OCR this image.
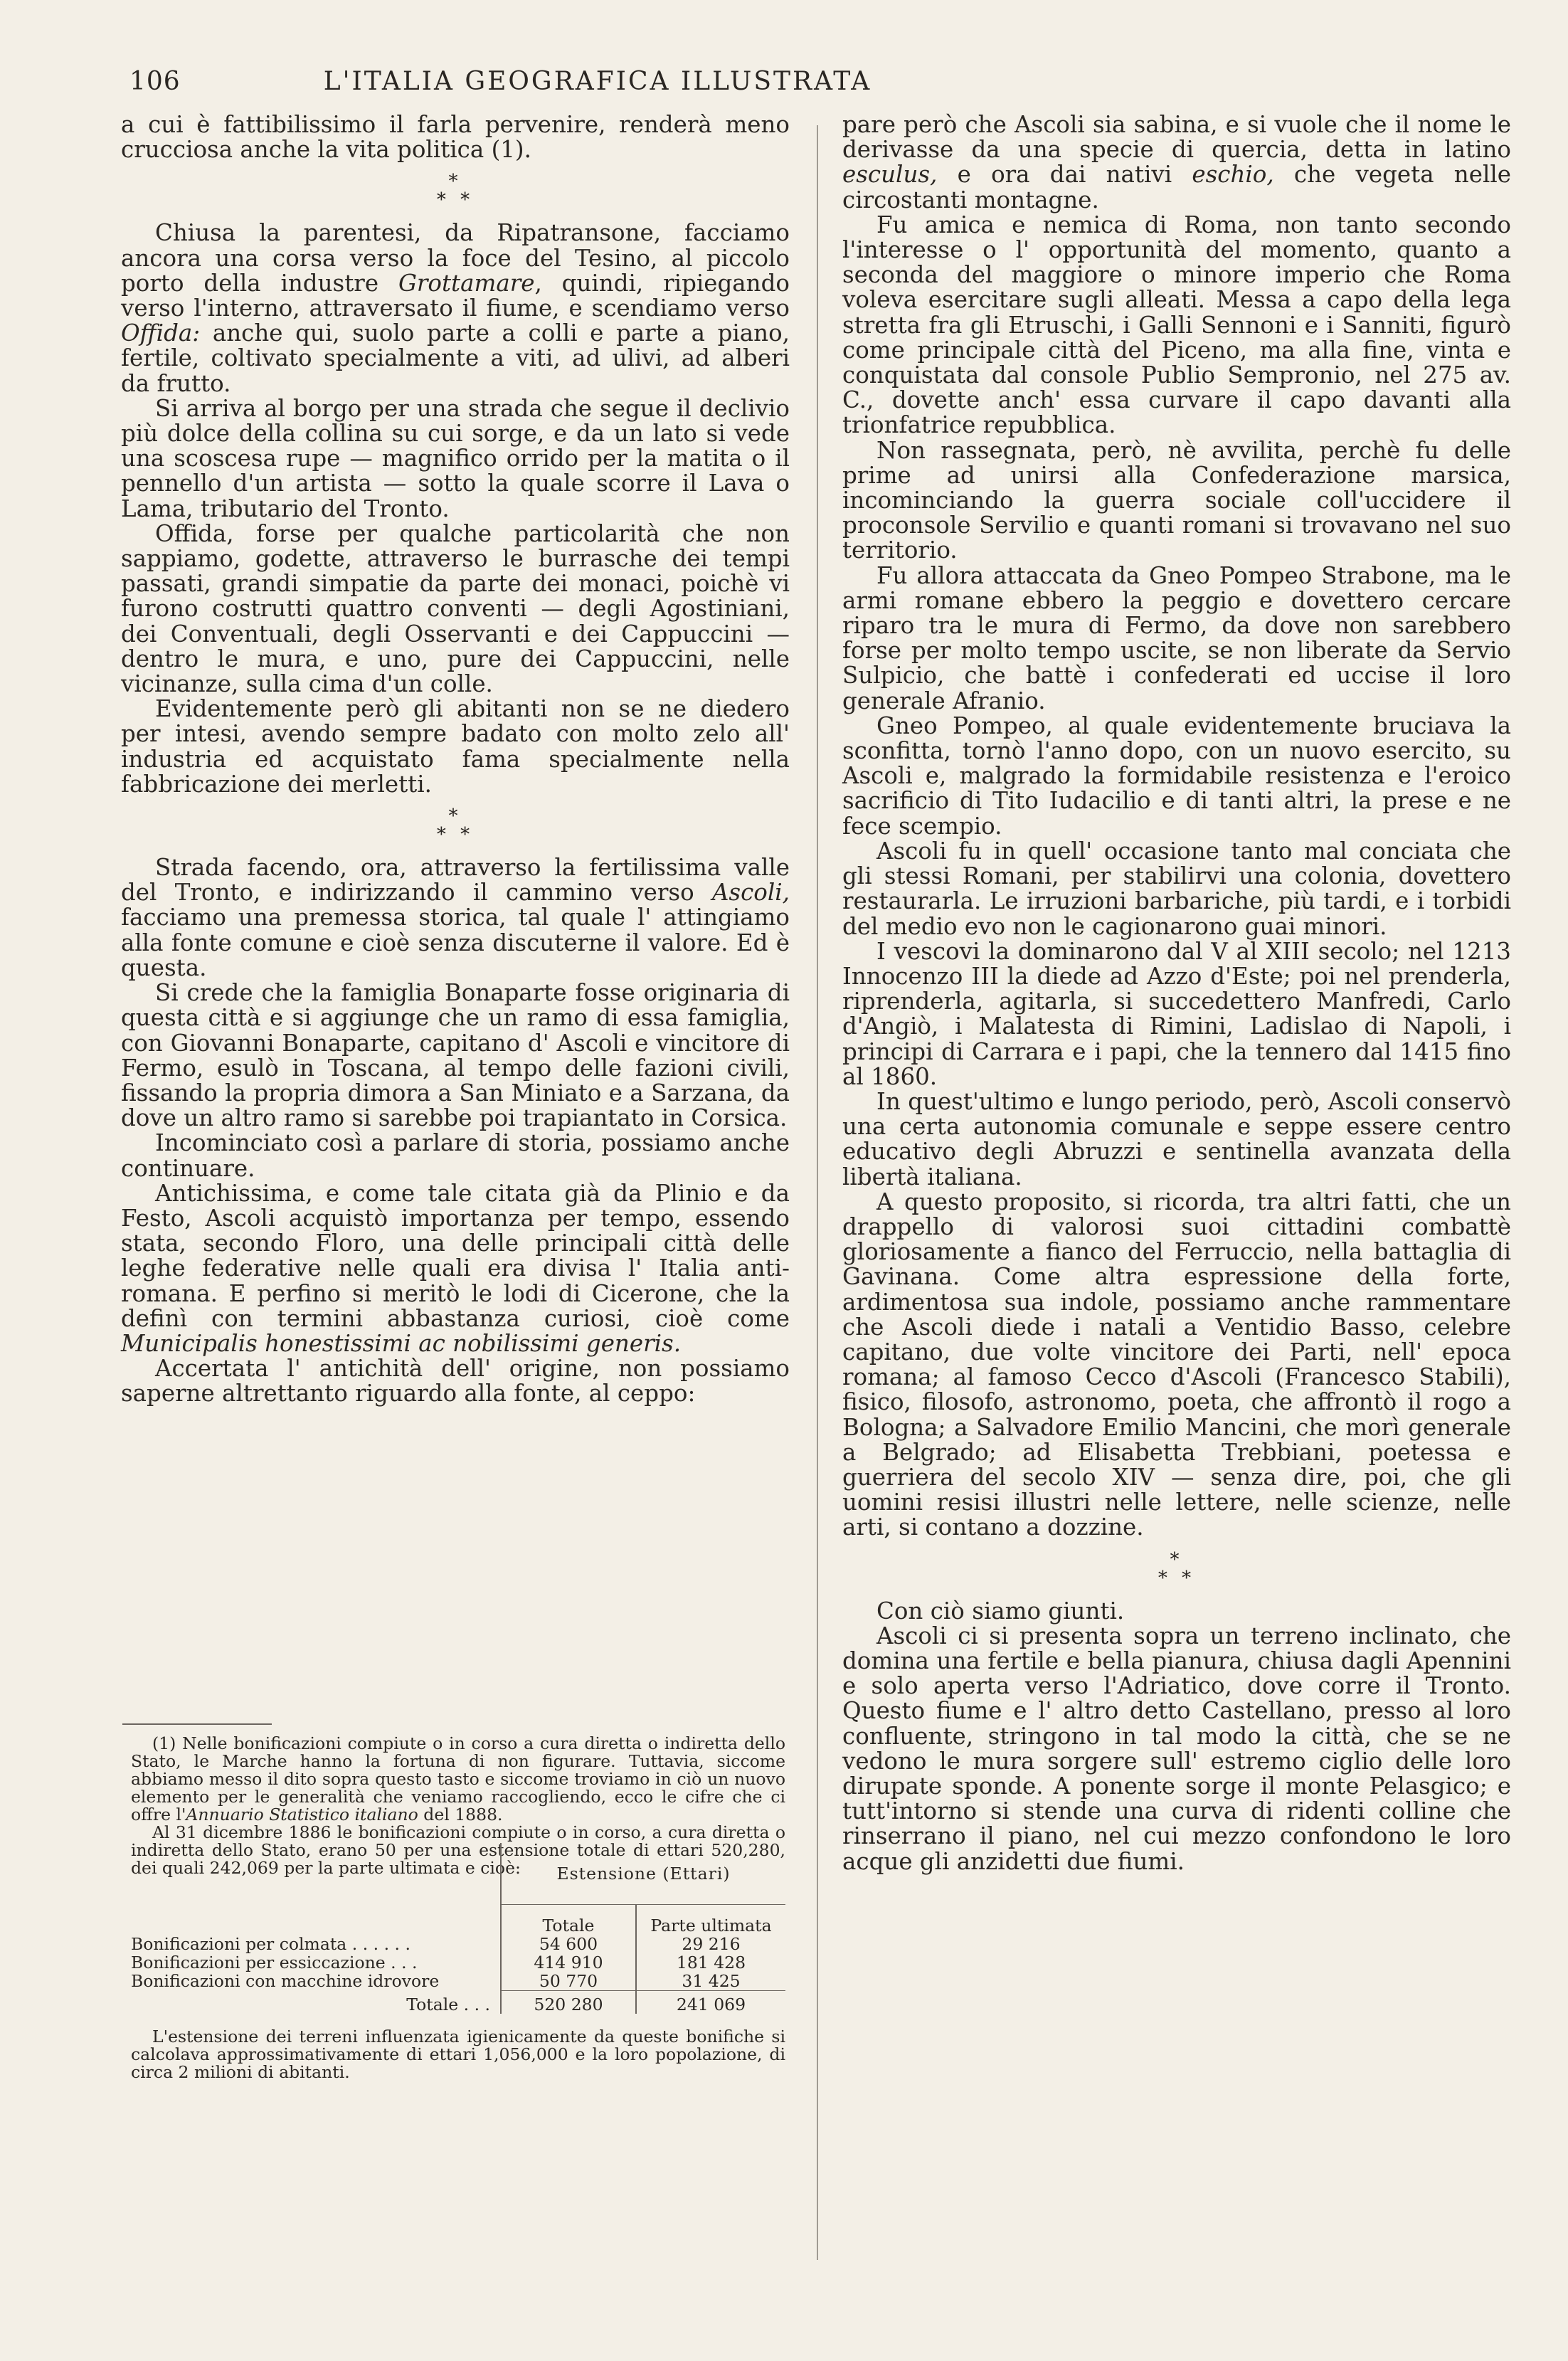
106	L'ITALIA GEOGRAFICA ILLUSTRATA

a cui è fattibilissimo il farla pervenire, renderà meno crucciosa anche la vita politica (1).

*
* *

Chiusa la parentesi, da Ripatransone, facciamo ancora una corsa verso la foce del Tesino, al piccolo porto della industre Grottamare, quindi, ripiegando verso l'interno, attraversato il fiume, e scendiamo verso Offida: anche qui, suolo parte a colli e parte a piano, fertile, coltivato specialmente a viti, ad ulivi, ad alberi da frutto.

Si arriva al borgo per una strada che segue il declivio più dolce della collina su cui sorge, e da un lato si vede una scoscesa rupe — magnifico orrido per la matita o il pennello d'un artista — sotto la quale scorre il Lava o Lama, tributario del Tronto.

Offida, forse per qualche particolarità che non sappiamo, godette, attraverso le burrasche dei tempi passati, grandi simpatie da parte dei monaci, poichè vi furono costrutti quattro conventi — degli Agostiniani, dei Conventuali, degli Osservanti e dei Cappuccini — dentro le mura, e uno, pure dei Cappuccini, nelle vicinanze, sulla cima d'un colle.

Evidentemente però gli abitanti non se ne diedero per intesi, avendo sempre badato con molto zelo all' industria ed acquistato fama specialmente nella fabbricazione dei merletti.

*
* *

Strada facendo, ora, attraverso la fertilissima valle del Tronto, e indirizzando il cammino verso Ascoli, facciamo una premessa storica, tal quale l' attingiamo alla fonte comune e cioè senza discuterne il valore. Ed è questa.

Si crede che la famiglia Bonaparte fosse originaria di questa città e si aggiunge che un ramo di essa famiglia, con Giovanni Bonaparte, capitano d' Ascoli e vincitore di Fermo, esulò in Toscana, al tempo delle fazioni civili, fissando la propria dimora a San Miniato e a Sarzana, da dove un altro ramo si sarebbe poi trapiantato in Corsica.

Incominciato così a parlare di storia, possiamo anche continuare.

Antichissima, e come tale citata già da Plinio e da Festo, Ascoli acquistò importanza per tempo, essendo stata, secondo Floro, una delle principali città delle leghe federative nelle quali era divisa l' Italia anti-romana. E perfino si meritò le lodi di Cicerone, che la definì con termini abbastanza curiosi, cioè come Municipalis honestissimi ac nobilissimi generis.

Accertata l' antichità dell' origine, non possiamo saperne altrettanto riguardo alla fonte, al ceppo:

pare però che Ascoli sia sabina, e si vuole che il nome le derivasse da una specie di quercia, detta in latino esculus, e ora dai nativi eschio, che vegeta nelle circostanti montagne.

Fu amica e nemica di Roma, non tanto secondo l'interesse o l' opportunità del momento, quanto a seconda del maggiore o minore imperio che Roma voleva esercitare sugli alleati. Messa a capo della lega stretta fra gli Etruschi, i Galli Sennoni e i Sanniti, figurò come principale città del Piceno, ma alla fine, vinta e conquistata dal console Publio Sempronio, nel 275 av. C., dovette anch' essa curvare il capo davanti alla trionfatrice repubblica.

Non rassegnata, però, nè avvilita, perchè fu delle prime ad unirsi alla Confederazione marsica, incominciando la guerra sociale coll'uccidere il proconsole Servilio e quanti romani si trovavano nel suo territorio.

Fu allora attaccata da Gneo Pompeo Strabone, ma le armi romane ebbero la peggio e dovettero cercare riparo tra le mura di Fermo, da dove non sarebbero forse per molto tempo uscite, se non liberate da Servio Sulpicio, che battè i confederati ed uccise il loro generale Afranio.

Gneo Pompeo, al quale evidentemente bruciava la sconfitta, tornò l'anno dopo, con un nuovo esercito, su Ascoli e, malgrado la formidabile resistenza e l'eroico sacrificio di Tito Iudacilio e di tanti altri, la prese e ne fece scempio.

Ascoli fu in quell' occasione tanto mal conciata che gli stessi Romani, per stabilirvi una colonia, dovettero restaurarla. Le irruzioni barbariche, più tardi, e i torbidi del medio evo non le cagionarono guai minori.

I vescovi la dominarono dal V al XIII secolo; nel 1213 Innocenzo III la diede ad Azzo d'Este; poi nel prenderla, riprenderla, agitarla, si succedettero Manfredi, Carlo d'Angiò, i Malatesta di Rimini, Ladislao di Napoli, i principi di Carrara e i papi, che la tennero dal 1415 fino al 1860.

In quest'ultimo e lungo periodo, però, Ascoli conservò una certa autonomia comunale e seppe essere centro educativo degli Abruzzi e sentinella avanzata della libertà italiana.

A questo proposito, si ricorda, tra altri fatti, che un drappello di valorosi suoi cittadini combattè gloriosamente a fianco del Ferruccio, nella battaglia di Gavinana. Come altra espressione della forte, ardimentosa sua indole, possiamo anche rammentare che Ascoli diede i natali a Ventidio Basso, celebre capitano, due volte vincitore dei Parti, nell' epoca romana; al famoso Cecco d'Ascoli (Francesco Stabili), fisico, filosofo, astronomo, poeta, che affrontò il rogo a Bologna; a Salvadore Emilio Mancini, che morì generale a Belgrado; ad Elisabetta Trebbiani, poetessa e guerriera del secolo XIV — senza dire, poi, che gli uomini resisi illustri nelle lettere, nelle scienze, nelle arti, si contano a dozzine.

*
* *

Con ciò siamo giunti.

Ascoli ci si presenta sopra un terreno inclinato, che domina una fertile e bella pianura, chiusa dagli Apennini e solo aperta verso l'Adriatico, dove corre il Tronto. Questo fiume e l' altro detto Castellano, presso al loro confluente, stringono in tal modo la città, che se ne vedono le mura sorgere sull' estremo ciglio delle loro dirupate sponde. A ponente sorge il monte Pelasgico; e tutt'intorno si stende una curva di ridenti colline che rinserrano il piano, nel cui mezzo confondono le loro acque gli anzidetti due fiumi.

(1) Nelle bonificazioni compiute o in corso a cura diretta o indiretta dello Stato, le Marche hanno la fortuna di non figurare. Tuttavia, siccome abbiamo messo il dito sopra questo tasto e siccome troviamo in ciò un nuovo elemento per le generalità che veniamo raccogliendo, ecco le cifre che ci offre l'Annuario Statistico italiano del 1888.

Al 31 dicembre 1886 le bonificazioni compiute o in corso, a cura diretta o indiretta dello Stato, erano 50 per una estensione totale di ettari 520,280, dei quali 242,069 per la parte ultimata e cioè:

		Estensione (Ettari)	
	Totale	Parte ultimata
Bonificazioni per colmata . . . . . .	54 600	29 216
Bonificazioni per essiccazione . . .	414 910	181 428
Bonificazioni con macchine idrovore	50 770	31 425
Totale . . .	520 280	241 069
L'estensione dei terreni influenzata igienicamente da queste bonifiche si calcolava approssimativamente di ettari 1,056,000 e la loro popolazione, di circa 2 milioni di abitanti.
